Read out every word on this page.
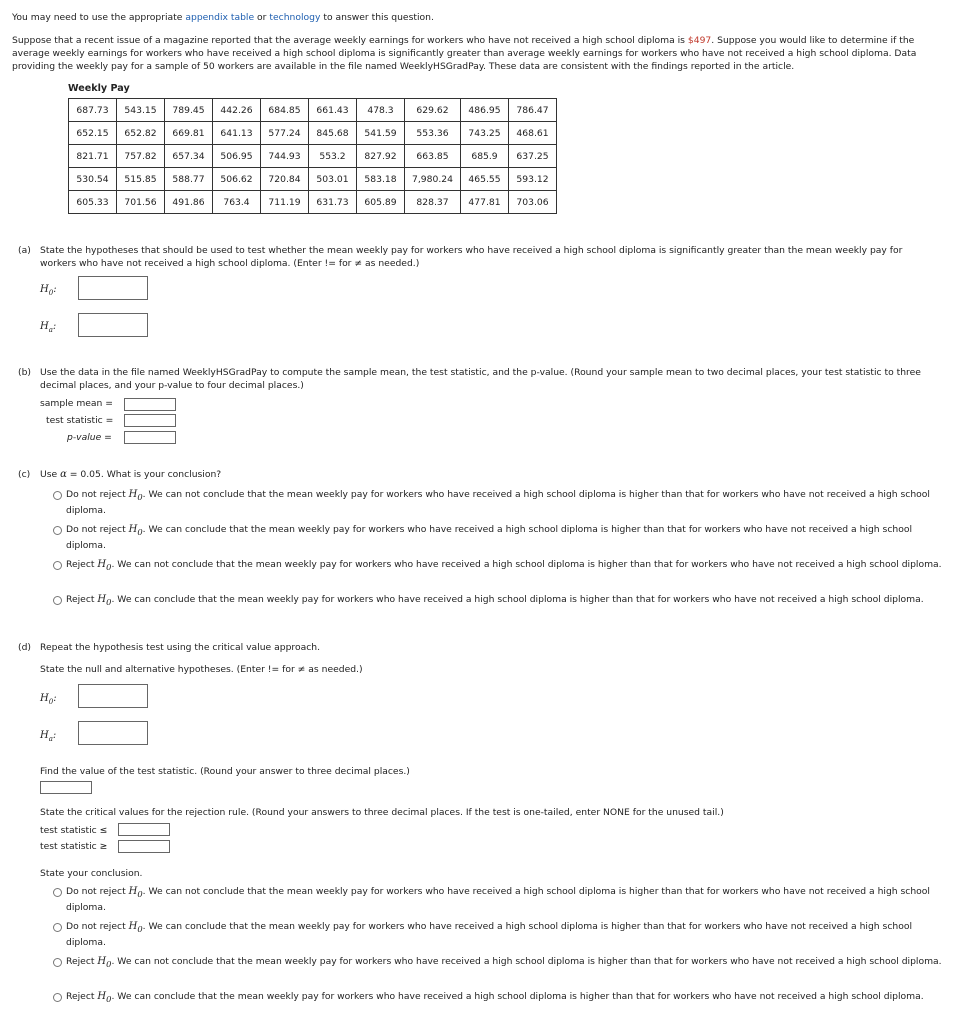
You may need to use the appropriate appendix table or technology to answer this question.
Suppose that a recent issue of a magazine reported that the average weekly earnings for workers who have not received a high school diploma is $497. Suppose you would like to determine if the average weekly earnings for workers who have received a high school diploma is significantly greater than average weekly earnings for workers who have not received a high school diploma. Data providing the weekly pay for a sample of 50 workers are available in the file named WeeklyHSGradPay. These data are consistent with the findings reported in the article.
Weekly Pay
687.73	543.15	789.45	442.26	684.85	661.43	478.3	629.62	486.95	786.47
652.15	652.82	669.81	641.13	577.24	845.68	541.59	553.36	743.25	468.61
821.71	757.82	657.34	506.95	744.93	553.2	827.92	663.85	685.9	637.25
530.54	515.85	588.77	506.62	720.84	503.01	583.18	7,980.24	465.55	593.12
605.33	701.56	491.86	763.4	711.19	631.73	605.89	828.37	477.81	703.06
(a) State the hypotheses that should be used to test whether the mean weekly pay for workers who have received a high school diploma is significantly greater than the mean weekly pay for workers who have not received a high school diploma. (Enter != for ≠ as needed.)
$H_0$:
$H_a$:
(b) Use the data in the file named WeeklyHSGradPay to compute the sample mean, the test statistic, and the p-value. (Round your sample mean to two decimal places, your test statistic to three decimal places, and your p-value to four decimal places.)
sample mean =
test statistic =
p-value =
(c) Use α = 0.05. What is your conclusion?
Do not reject $H_0$. We can not conclude that the mean weekly pay for workers who have received a high school diploma is higher than that for workers who have not received a high school diploma.
Do not reject $H_0$. We can conclude that the mean weekly pay for workers who have received a high school diploma is higher than that for workers who have not received a high school diploma.
Reject $H_0$. We can not conclude that the mean weekly pay for workers who have received a high school diploma is higher than that for workers who have not received a high school diploma.
Reject $H_0$. We can conclude that the mean weekly pay for workers who have received a high school diploma is higher than that for workers who have not received a high school diploma.
(d) Repeat the hypothesis test using the critical value approach.
State the null and alternative hypotheses. (Enter != for ≠ as needed.)
$H_0$:
$H_a$:
Find the value of the test statistic. (Round your answer to three decimal places.)
State the critical values for the rejection rule. (Round your answers to three decimal places. If the test is one-tailed, enter NONE for the unused tail.)
test statistic ≤
test statistic ≥
State your conclusion.
Do not reject $H_0$. We can not conclude that the mean weekly pay for workers who have received a high school diploma is higher than that for workers who have not received a high school diploma.
Do not reject $H_0$. We can conclude that the mean weekly pay for workers who have received a high school diploma is higher than that for workers who have not received a high school diploma.
Reject $H_0$. We can not conclude that the mean weekly pay for workers who have received a high school diploma is higher than that for workers who have not received a high school diploma.
Reject $H_0$. We can conclude that the mean weekly pay for workers who have received a high school diploma is higher than that for workers who have not received a high school diploma.
